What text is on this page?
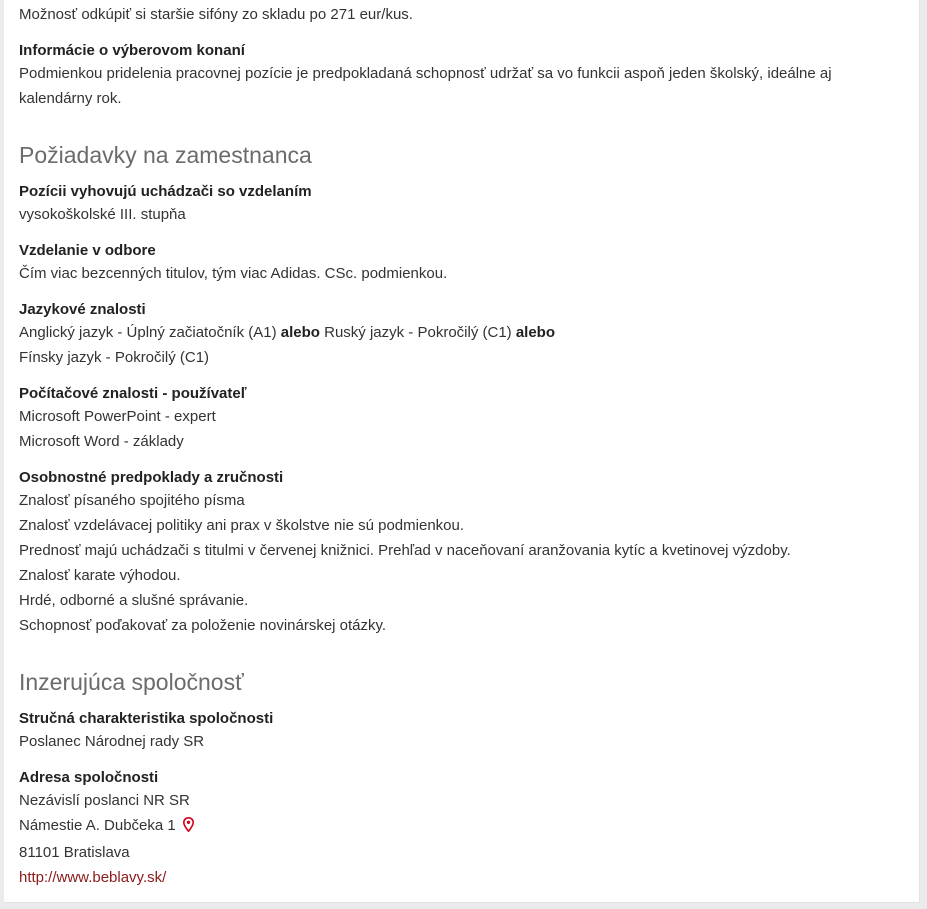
Možnosť odkúpiť si staršie sifóny zo skladu po 271 eur/kus.
Informácie o výberovom konaní
Podmienkou pridelenia pracovnej pozície je predpokladaná schopnosť udržať sa vo funkcii aspoň jeden školský, ideálne aj kalendárny rok.
Požiadavky na zamestnanca
Pozícii vyhovujú uchádzači so vzdelaním
vysokoškolské III. stupňa
Vzdelanie v odbore
Čím viac bezcenných titulov, tým viac Adidas. CSc. podmienkou.
Jazykové znalosti
Anglický jazyk - Úplný začiatočník (A1) alebo Ruský jazyk - Pokročilý (C1) alebo
Fínsky jazyk - Pokročilý (C1)
Počítačové znalosti - používateľ
Microsoft PowerPoint - expert
Microsoft Word - základy
Osobnostné predpoklady a zručnosti
Znalosť písaného spojitého písma
Znalosť vzdelávacej politiky ani prax v školstve nie sú podmienkou.
Prednosť majú uchádzači s titulmi v červenej knižnici. Prehľad v naceňovaní aranžovania kytíc a kvetinovej výzdoby.
Znalosť karate výhodou.
Hrdé, odborné a slušné správanie.
Schopnosť poďakovať za položenie novinárskej otázky.
Inzerujúca spoločnosť
Stručná charakteristika spoločnosti
Poslanec Národnej rady SR
Adresa spoločnosti
Nezávislí poslanci NR SR
Námestie A. Dubčeka 1
81101 Bratislava
http://www.beblavy.sk/
